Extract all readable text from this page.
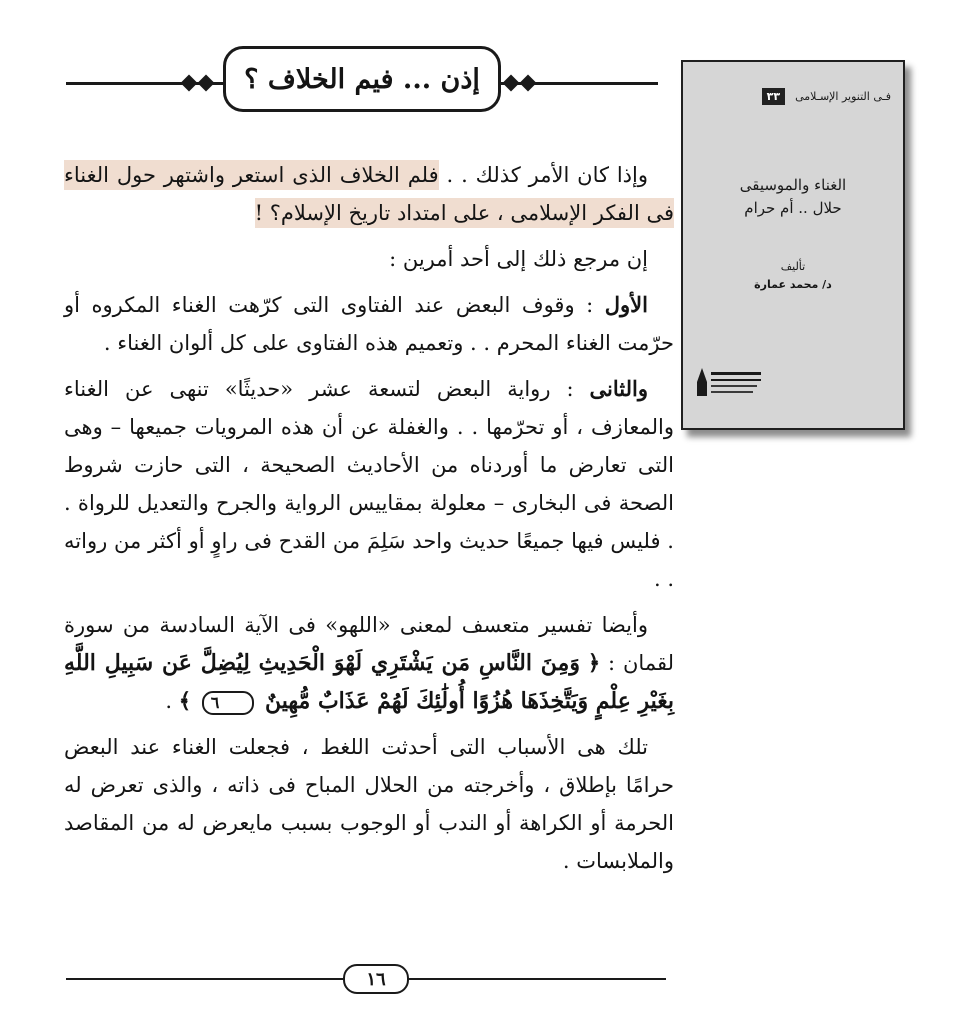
إذن ... فيم الخلاف ؟

وإذا كان الأمر كذلك . . فلم الخلاف الذى استعر واشتهر حول الغناء فى الفكر الإسلامى ، على امتداد تاريخ الإسلام؟ !

إن مرجع ذلك إلى أحد أمرين :

الأول : وقوف البعض عند الفتاوى التى كرّهت الغناء المكروه أو حرّمت الغناء المحرم . . وتعميم هذه الفتاوى على كل ألوان الغناء .

والثانى : رواية البعض لتسعة عشر «حديثًا» تنهى عن الغناء والمعازف ، أو تحرّمها . . والغفلة عن أن هذه المرويات جميعها – وهى التى تعارض ما أوردناه من الأحاديث الصحيحة ، التى حازت شروط الصحة فى البخارى – معلولة بمقاييس الرواية والجرح والتعديل للرواة . . فليس فيها جميعًا حديث واحد سَلِمَ من القدح فى راوٍ أو أكثر من رواته . .

وأيضا تفسير متعسف لمعنى «اللهو» فى الآية السادسة من سورة لقمان : ﴿ وَمِنَ النَّاسِ مَن يَشْتَرِي لَهْوَ الْحَدِيثِ لِيُضِلَّ عَن سَبِيلِ اللَّهِ بِغَيْرِ عِلْمٍ وَيَتَّخِذَهَا هُزُوًا أُولَٰئِكَ لَهُمْ عَذَابٌ مُّهِينٌ ٦ ﴾ .

تلك هى الأسباب التى أحدثت اللغط ، فجعلت الغناء عند البعض حرامًا بإطلاق ، وأخرجته من الحلال المباح فى ذاته ، والذى تعرض له الحرمة أو الكراهة أو الندب أو الوجوب بسبب مايعرض له من المقاصد والملابسات .

١٦
فـى التنوير الإسـلامى
٣٣
الغناء والموسيقى
حلال .. أم حرام
تأليف
د/ محمد عمارة
